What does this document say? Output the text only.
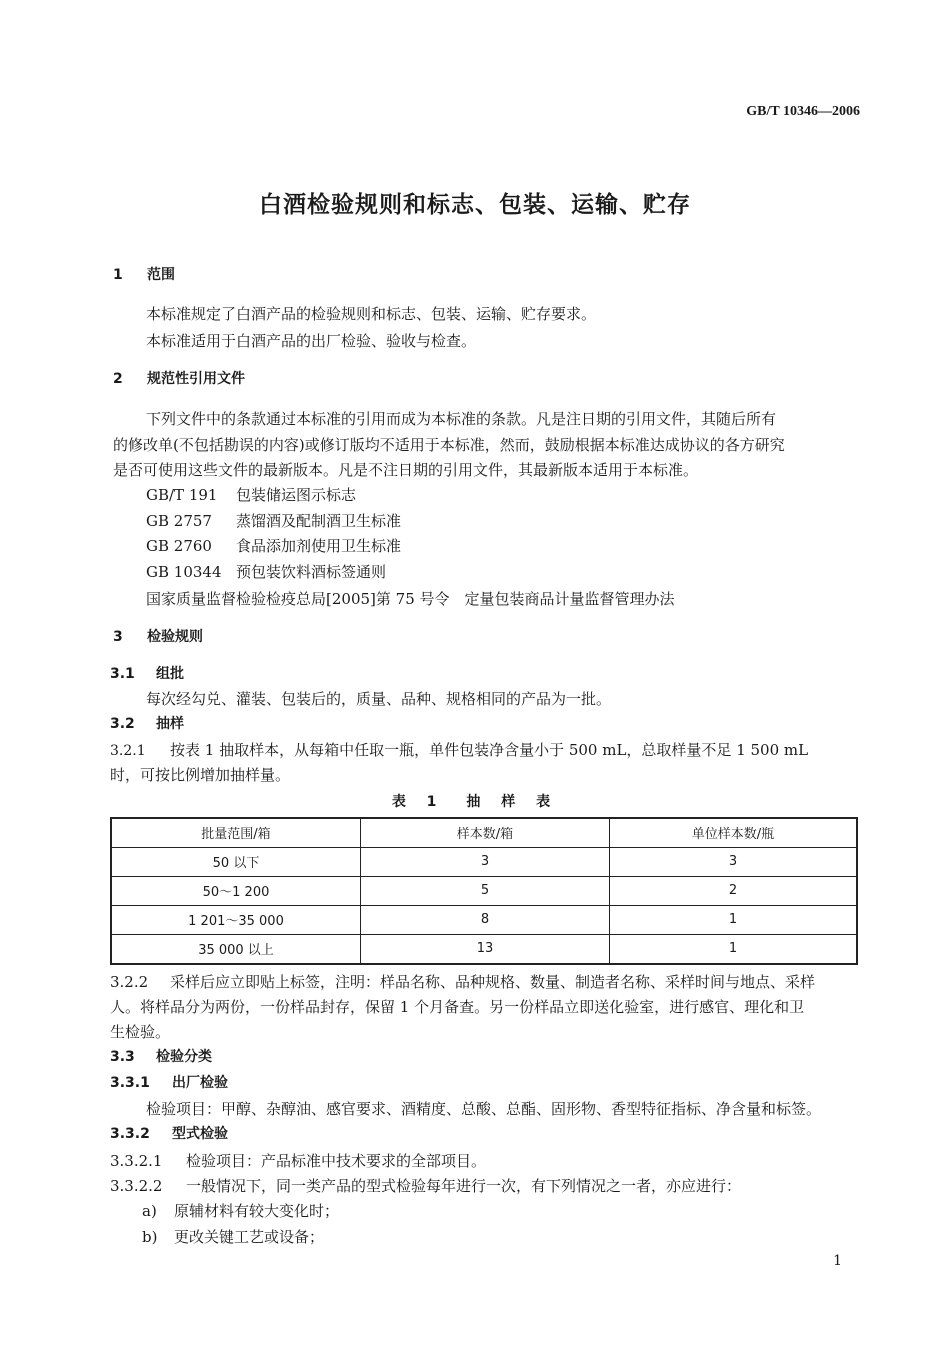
GB/T 10346—2006
白酒检验规则和标志、包装、运输、贮存
1 范围
本标准规定了白酒产品的检验规则和标志、包装、运输、贮存要求。
本标准适用于白酒产品的出厂检验、验收与检查。
2 规范性引用文件
下列文件中的条款通过本标准的引用而成为本标准的条款。凡是注日期的引用文件，其随后所有
的修改单(不包括勘误的内容)或修订版均不适用于本标准，然而，鼓励根据本标准达成协议的各方研究
是否可使用这些文件的最新版本。凡是不注日期的引用文件，其最新版本适用于本标准。
GB/T 191 包装储运图示标志
GB 2757 蒸馏酒及配制酒卫生标准
GB 2760 食品添加剂使用卫生标准
GB 10344 预包装饮料酒标签通则
国家质量监督检验检疫总局[2005]第 75 号令　定量包装商品计量监督管理办法
3 检验规则
3.1 组批
每次经勾兑、灌装、包装后的，质量、品种、规格相同的产品为一批。
3.2 抽样
3.2.1 按表 1 抽取样本，从每箱中任取一瓶，单件包装净含量小于 500 mL，总取样量不足 1 500 mL
时，可按比例增加抽样量。
表 1　抽 样 表
批量范围/箱	样本数/箱	单位样本数/瓶
50 以下	3	3
50～1 200	5	2
1 201～35 000	8	1
35 000 以上	13	1
3.2.2 采样后应立即贴上标签，注明：样品名称、品种规格、数量、制造者名称、采样时间与地点、采样
人。将样品分为两份，一份样品封存，保留 1 个月备查。另一份样品立即送化验室，进行感官、理化和卫
生检验。
3.3 检验分类
3.3.1 出厂检验
检验项目：甲醇、杂醇油、感官要求、酒精度、总酸、总酯、固形物、香型特征指标、净含量和标签。
3.3.2 型式检验
3.3.2.1 检验项目：产品标准中技术要求的全部项目。
3.3.2.2 一般情况下，同一类产品的型式检验每年进行一次，有下列情况之一者，亦应进行：
a) 原辅材料有较大变化时；
b) 更改关键工艺或设备；
1
